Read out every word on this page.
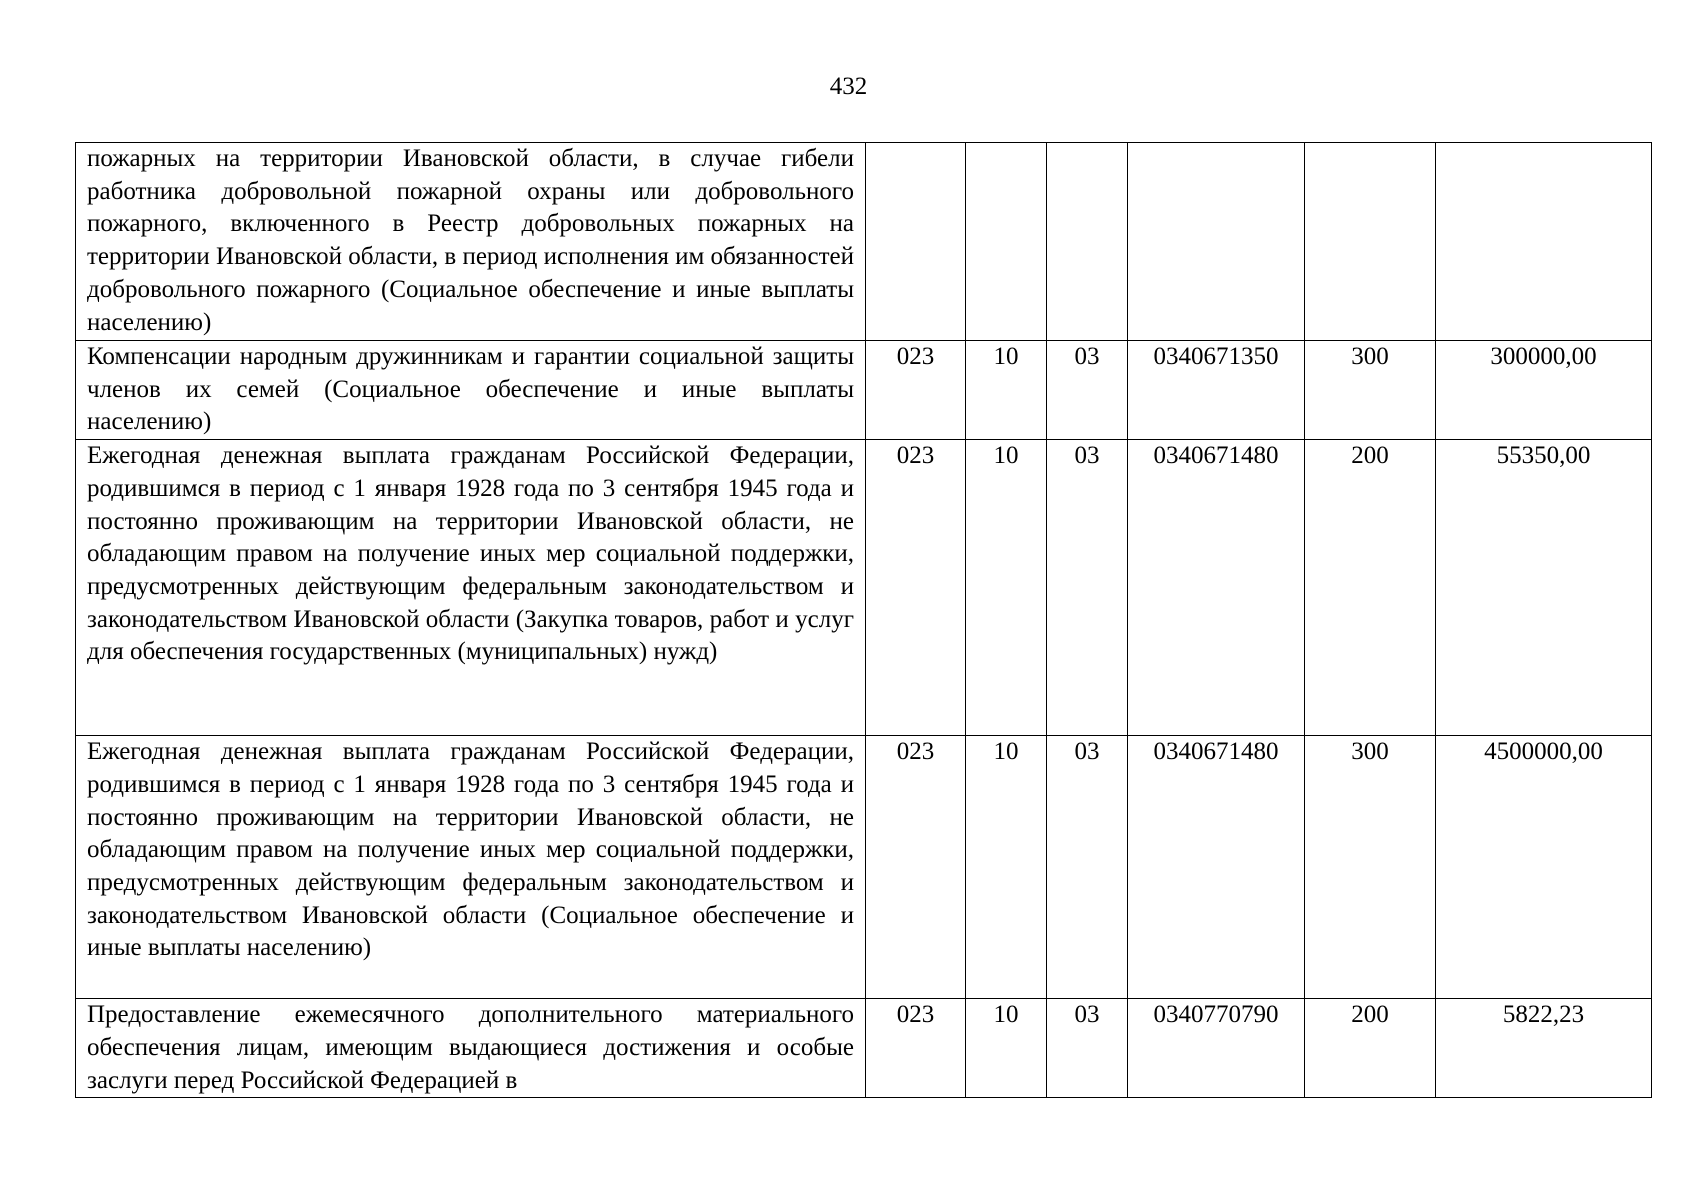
432
пожарных на территории Ивановской области, в случае гибели работника добровольной пожарной охраны или добровольного пожарного, включенного в Реестр добровольных пожарных на территории Ивановской области, в период исполнения им обязанностей добровольного пожарного (Социальное обеспечение и иные выплаты населению)						
Компенсации народным дружинникам и гарантии социальной защиты членов их семей (Социальное обеспечение и иные выплаты населению)	023	10	03	0340671350	300	300000,00
Ежегодная денежная выплата гражданам Российской Федерации, родившимся в период с 1 января 1928 года по 3 сентября 1945 года и постоянно проживающим на территории Ивановской области, не обладающим правом на получение иных мер социальной поддержки, предусмотренных действующим федеральным законодательством и законодательством Ивановской области (Закупка товаров, работ и услуг для обеспечения государственных (муниципальных) нужд)	023	10	03	0340671480	200	55350,00
Ежегодная денежная выплата гражданам Российской Федерации, родившимся в период с 1 января 1928 года по 3 сентября 1945 года и постоянно проживающим на территории Ивановской области, не обладающим правом на получение иных мер социальной поддержки, предусмотренных действующим федеральным законодательством и законодательством Ивановской области (Социальное обеспечение и иные выплаты населению)	023	10	03	0340671480	300	4500000,00
Предоставление ежемесячного дополнительного материального обеспечения лицам, имеющим выдающиеся достижения и особые заслуги перед Российской Федерацией в	023	10	03	0340770790	200	5822,23
